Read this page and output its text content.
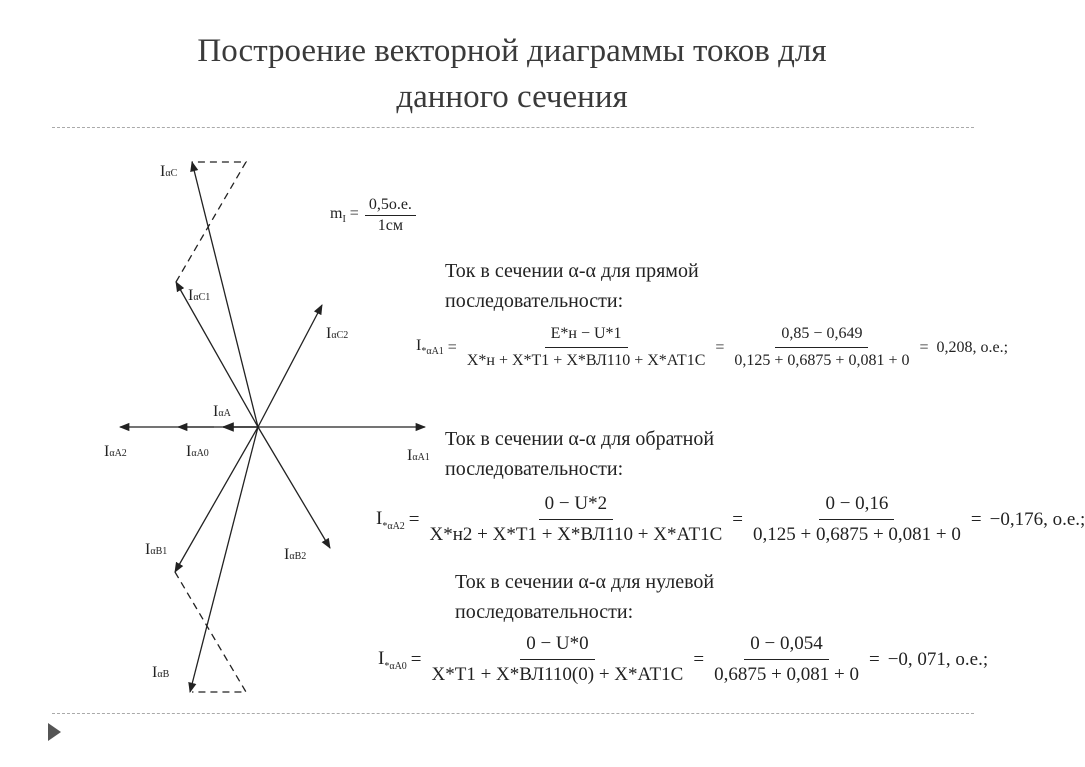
Построение векторной диаграммы токов для
данного сечения
IαC
IαC1
IαC2
IαA
IαA2	IαA0	IαA1
IαB1	IαB2
IαB
$m_I = \frac{0,5о.е.}{1см}$
Ток в сечении α-α для прямой
последовательности:
$I_{*\alpha A1} = \frac{E*н - U*1}{X*н + X*Т1 + X*ВЛ110 + X*АТ1С} = \frac{0,85 - 0,649}{0,125 + 0,6875 + 0,081 + 0} = 0,208$, о.е.;
Ток в сечении α-α для обратной
последовательности:
$I_{*\alpha A2} = \frac{0 - U*2}{X*н2 + X*Т1 + X*ВЛ110 + X*АТ1С} = \frac{0 - 0,16}{0,125 + 0,6875 + 0,081 + 0} = -0,176$, о.е.;
Ток в сечении α-α для нулевой
последовательности:
$I_{*\alpha A0} = \frac{0 - U*0}{X*Т1 + X*ВЛ110(0) + X*АТ1С} = \frac{0 - 0,054}{0,6875 + 0,081 + 0} = -0$, 071, о.е.;
